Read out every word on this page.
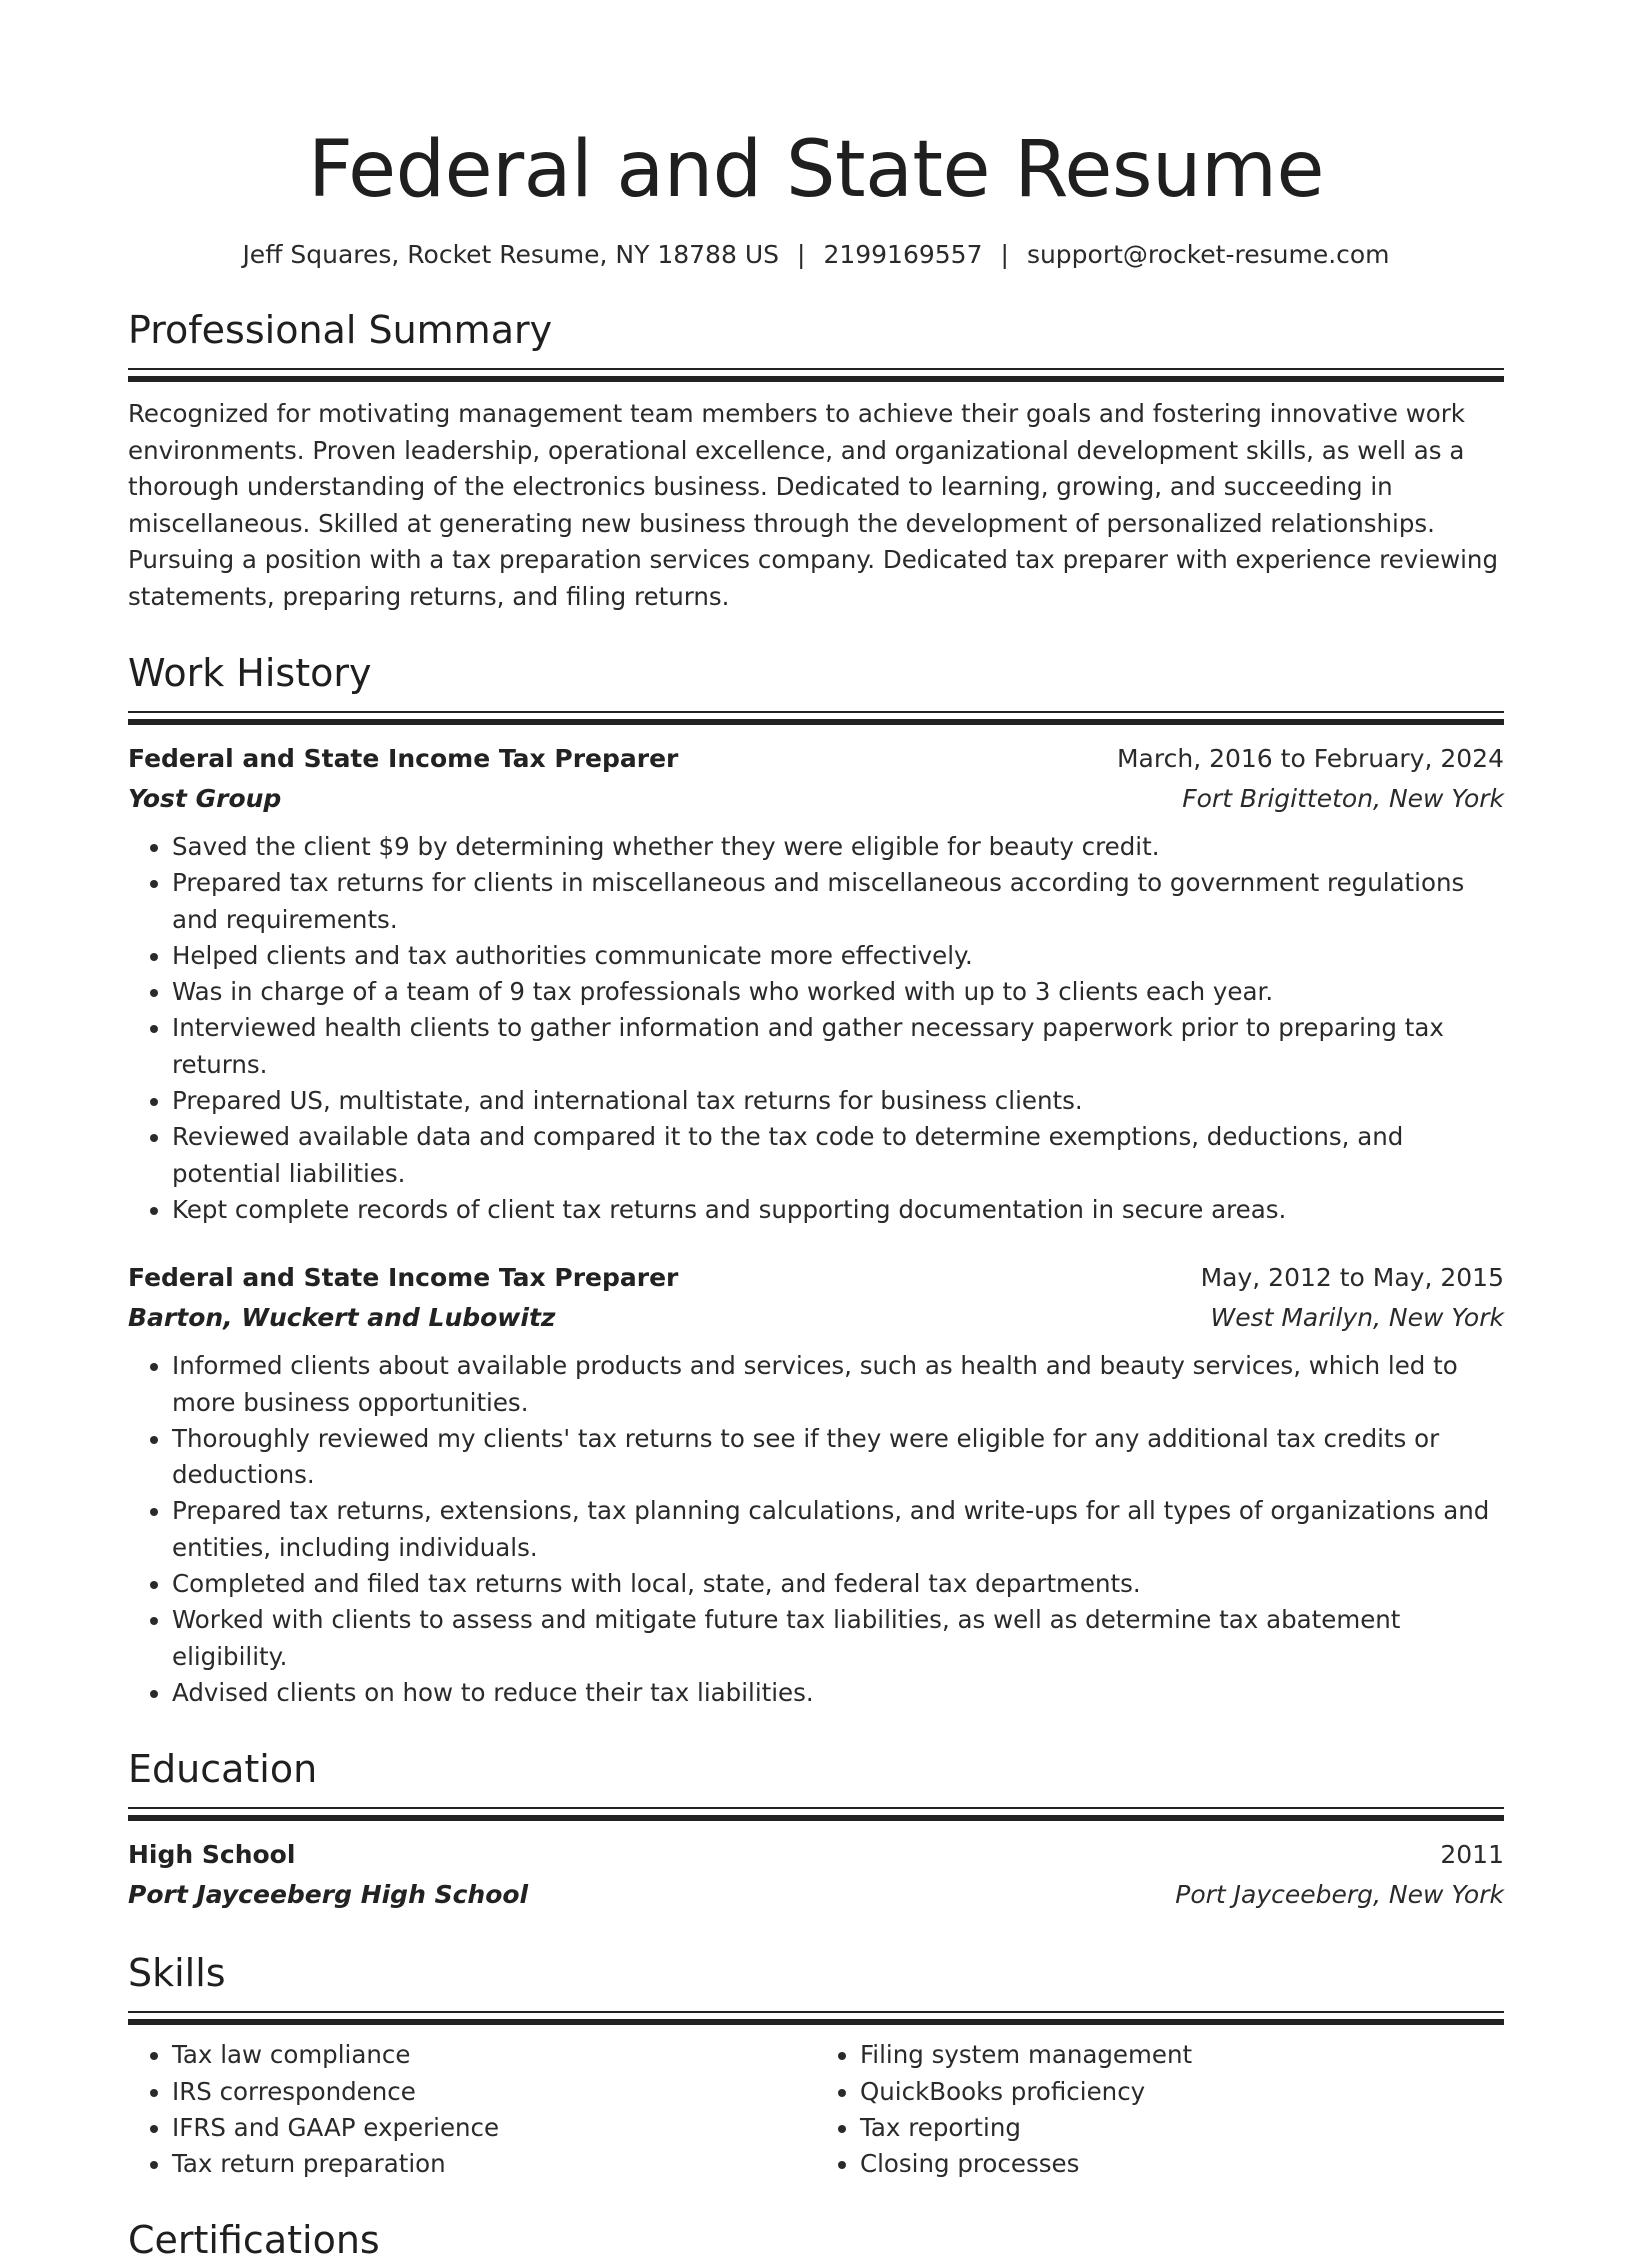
Federal and State Resume
Jeff Squares, Rocket Resume, NY 18788 US | 2199169557 | support@rocket-resume.com
Professional Summary
Recognized for motivating management team members to achieve their goals and fostering innovative work environments. Proven leadership, operational excellence, and organizational development skills, as well as a thorough understanding of the electronics business. Dedicated to learning, growing, and succeeding in miscellaneous. Skilled at generating new business through the development of personalized relationships. Pursuing a position with a tax preparation services company. Dedicated tax preparer with experience reviewing statements, preparing returns, and filing returns.
Work History
Federal and State Income Tax Preparer	March, 2016 to February, 2024
Yost Group	Fort Brigitteton, New York
• Saved the client $9 by determining whether they were eligible for beauty credit.
• Prepared tax returns for clients in miscellaneous and miscellaneous according to government regulations and requirements.
• Helped clients and tax authorities communicate more effectively.
• Was in charge of a team of 9 tax professionals who worked with up to 3 clients each year.
• Interviewed health clients to gather information and gather necessary paperwork prior to preparing tax returns.
• Prepared US, multistate, and international tax returns for business clients.
• Reviewed available data and compared it to the tax code to determine exemptions, deductions, and potential liabilities.
• Kept complete records of client tax returns and supporting documentation in secure areas.
Federal and State Income Tax Preparer	May, 2012 to May, 2015
Barton, Wuckert and Lubowitz	West Marilyn, New York
• Informed clients about available products and services, such as health and beauty services, which led to more business opportunities.
• Thoroughly reviewed my clients' tax returns to see if they were eligible for any additional tax credits or deductions.
• Prepared tax returns, extensions, tax planning calculations, and write-ups for all types of organizations and entities, including individuals.
• Completed and filed tax returns with local, state, and federal tax departments.
• Worked with clients to assess and mitigate future tax liabilities, as well as determine tax abatement eligibility.
• Advised clients on how to reduce their tax liabilities.
Education
High School	2011
Port Jayceeberg High School	Port Jayceeberg, New York
Skills
• Tax law compliance
• IRS correspondence
• IFRS and GAAP experience
• Tax return preparation
• Filing system management
• QuickBooks proficiency
• Tax reporting
• Closing processes
Certifications
